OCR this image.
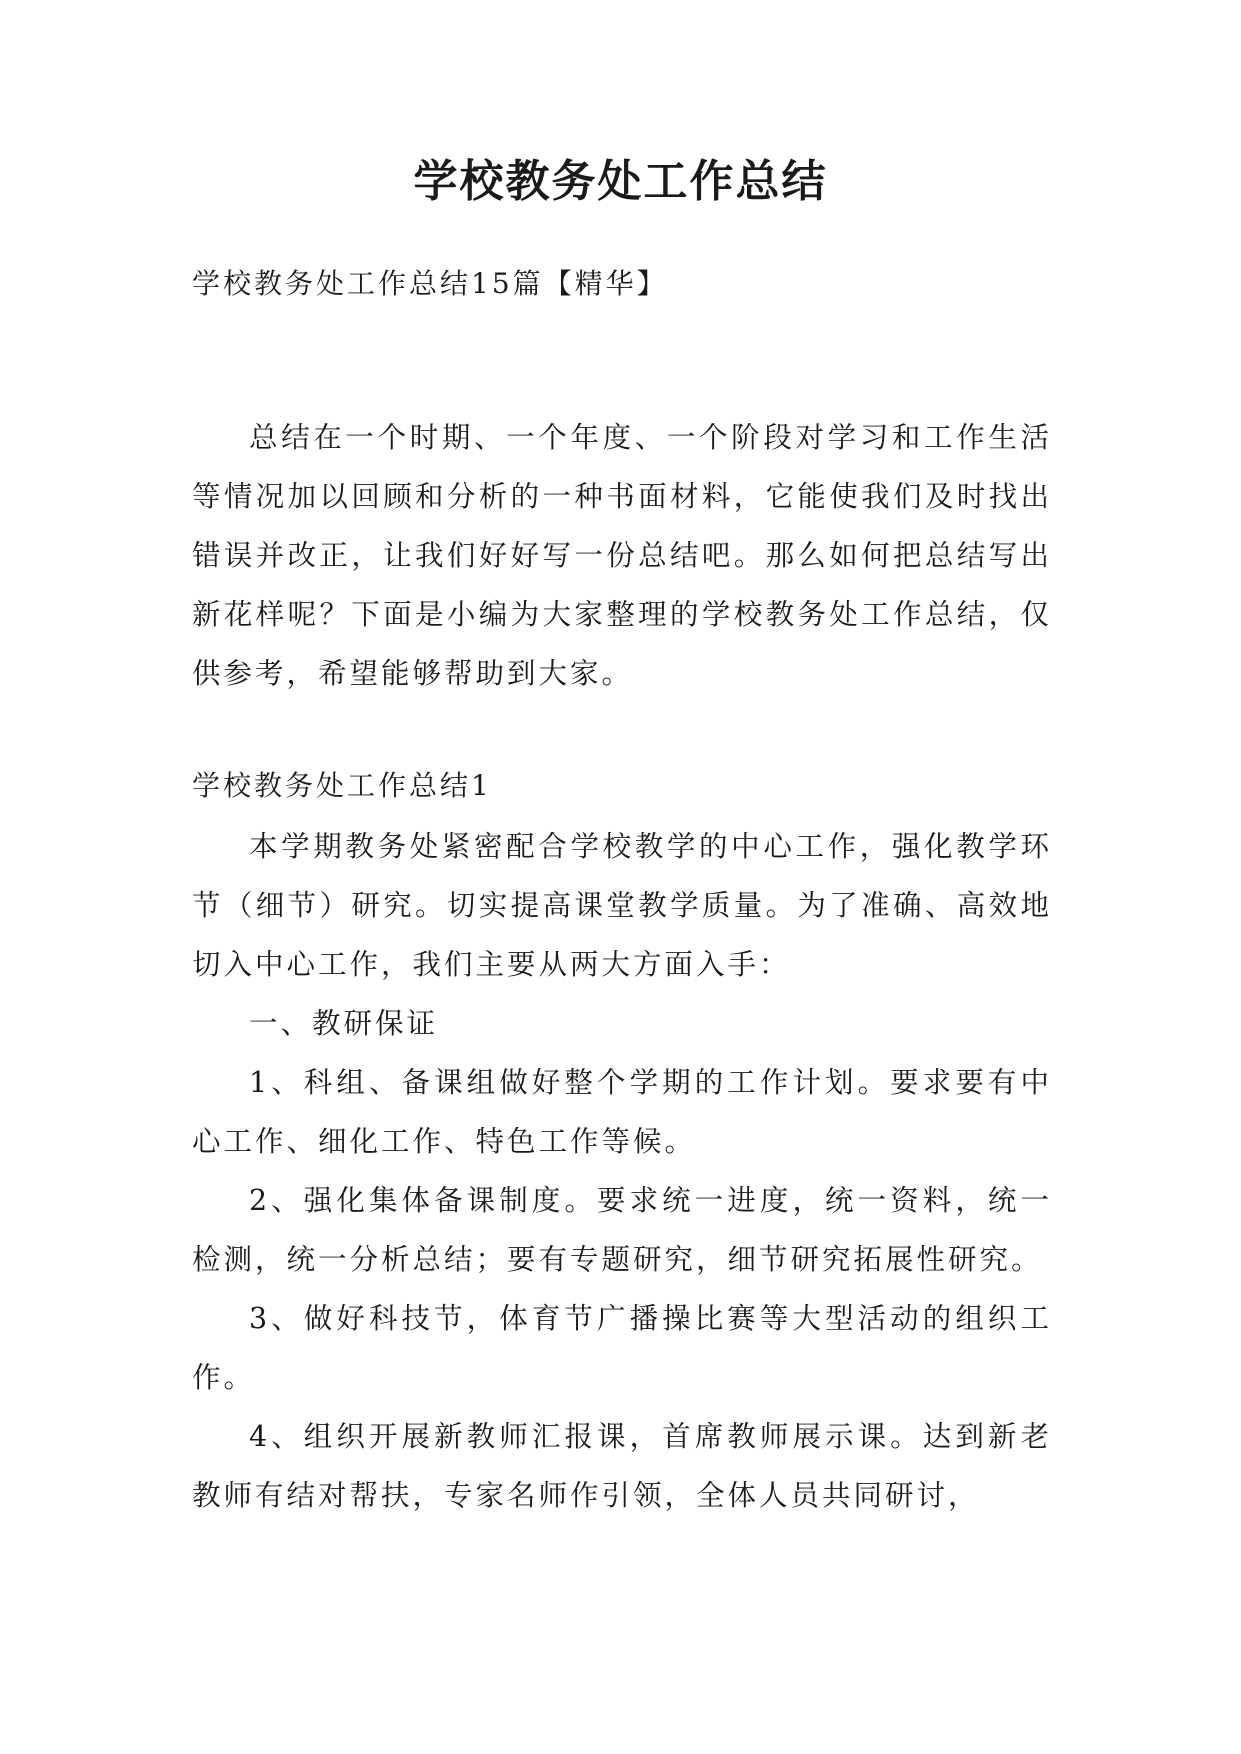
学校教务处工作总结

学校教务处工作总结15篇【精华】

总结在一个时期、一个年度、一个阶段对学习和工作生活等情况加以回顾和分析的一种书面材料，它能使我们及时找出错误并改正，让我们好好写一份总结吧。那么如何把总结写出新花样呢？下面是小编为大家整理的学校教务处工作总结，仅供参考，希望能够帮助到大家。

学校教务处工作总结1

本学期教务处紧密配合学校教学的中心工作，强化教学环节（细节）研究。切实提高课堂教学质量。为了准确、高效地切入中心工作，我们主要从两大方面入手：

一、教研保证

1、科组、备课组做好整个学期的工作计划。要求要有中心工作、细化工作、特色工作等候。

2、强化集体备课制度。要求统一进度，统一资料，统一检测，统一分析总结；要有专题研究，细节研究拓展性研究。

3、做好科技节，体育节广播操比赛等大型活动的组织工作。

4、组织开展新教师汇报课，首席教师展示课。达到新老教师有结对帮扶，专家名师作引领，全体人员共同研讨，
